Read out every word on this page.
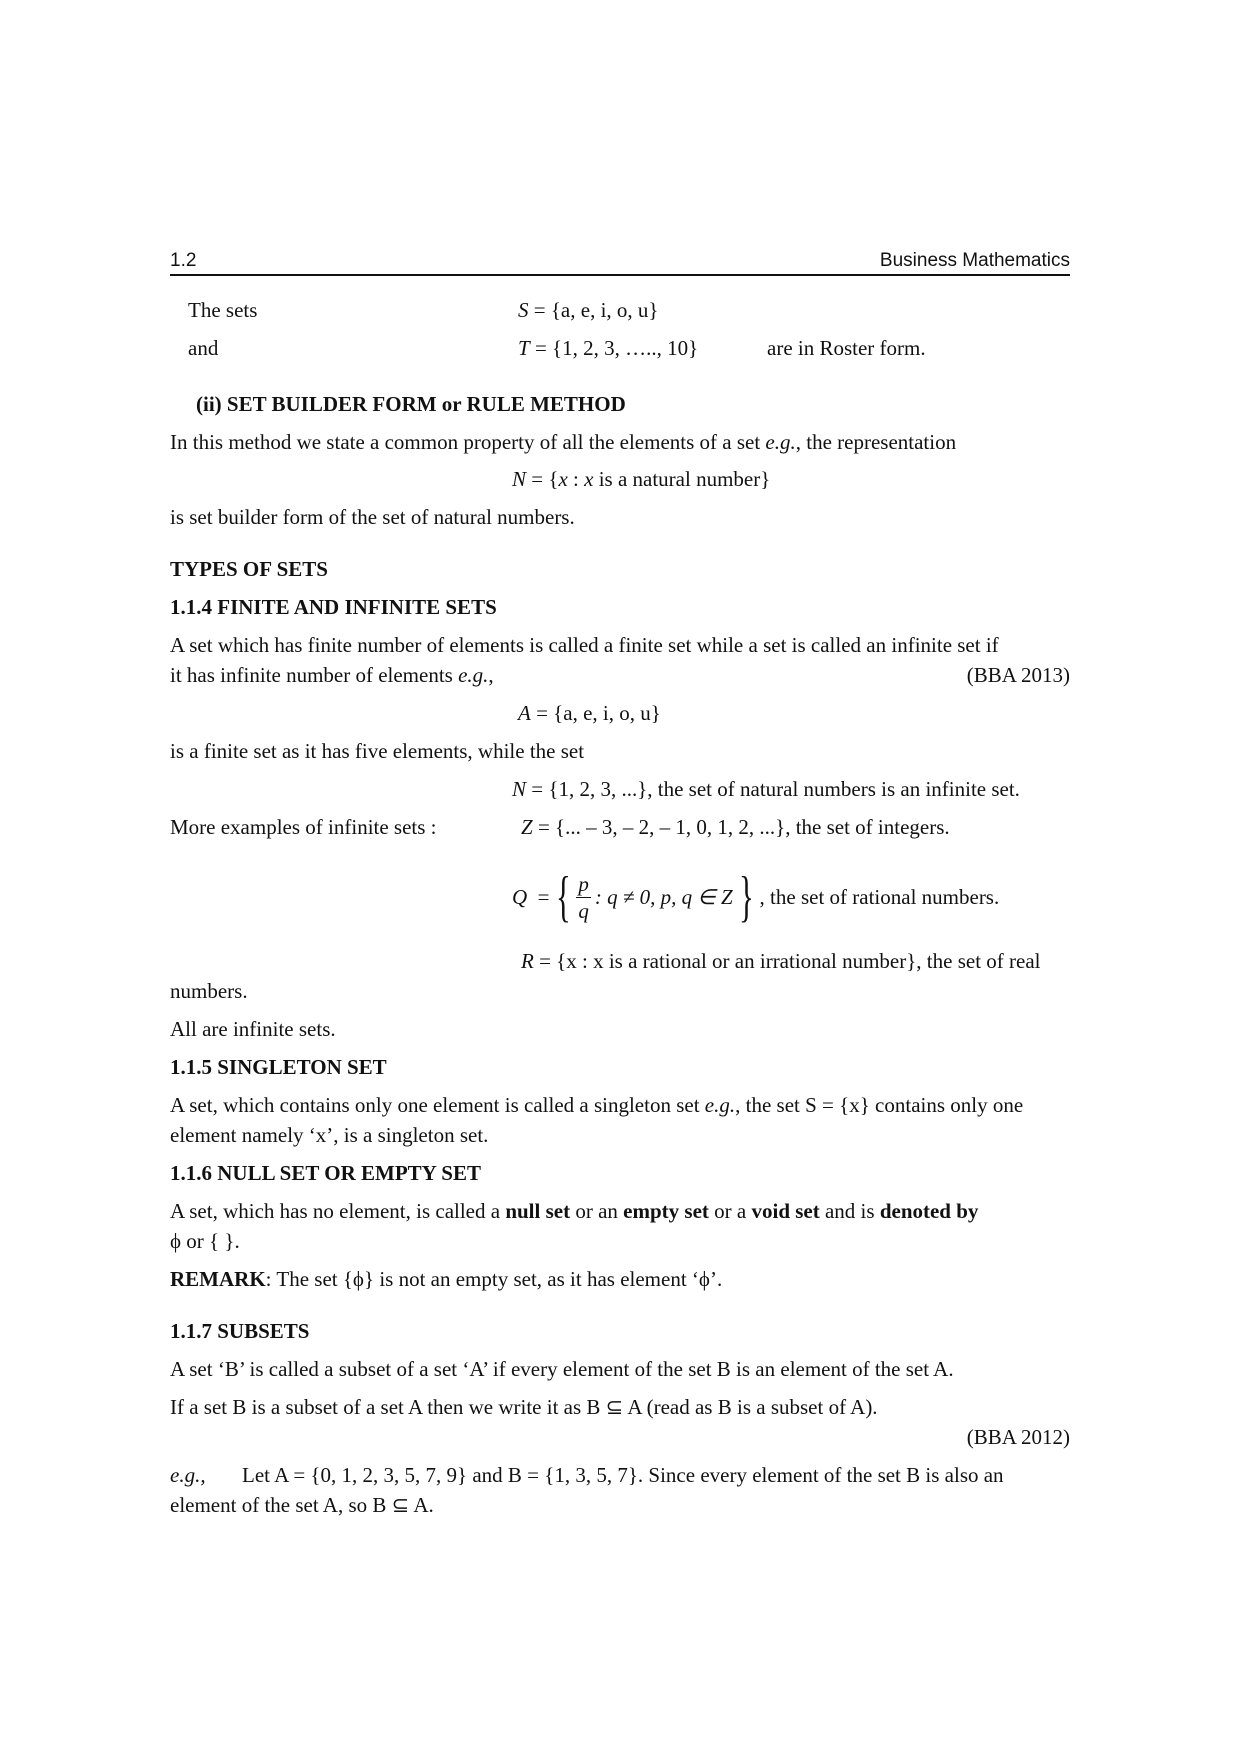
1.2	Business Mathematics
The sets	S = {a, e, i, o, u}
and	T = {1, 2, 3, ….., 10}	are in Roster form.
(ii) SET BUILDER FORM or RULE METHOD
In this method we state a common property of all the elements of a set e.g., the representation
N = {x : x is a natural number}
is set builder form of the set of natural numbers.
TYPES OF SETS
1.1.4 FINITE AND INFINITE SETS
A set which has finite number of elements is called a finite set while a set is called an infinite set if
it has infinite number of elements e.g.,	(BBA 2013)
A = {a, e, i, o, u}
is a finite set as it has five elements, while the set
N = {1, 2, 3, ...}, the set of natural numbers is an infinite set.
More examples of infinite sets :	Z = {... – 3, – 2, – 1, 0, 1, 2, ...}, the set of integers.
Q
= { $\frac{p}{q}$ : q ≠ 0, p, q ∈ Z } , the set of rational numbers.
R = {x : x is a rational or an irrational number}, the set of real
numbers.
All are infinite sets.
1.1.5 SINGLETON SET
A set, which contains only one element is called a singleton set e.g., the set S = {x} contains only one
element namely ‘x’, is a singleton set.
1.1.6 NULL SET OR EMPTY SET
A set, which has no element, is called a null set or an empty set or a void set and is denoted by
ϕ or { }.
REMARK: The set {ϕ} is not an empty set, as it has element ‘ϕ’.
1.1.7 SUBSETS
A set ‘B’ is called a subset of a set ‘A’ if every element of the set B is an element of the set A.
If a set B is a subset of a set A then we write it as B ⊆ A (read as B is a subset of A).
(BBA 2012)
e.g., Let A = {0, 1, 2, 3, 5, 7, 9} and B = {1, 3, 5, 7}. Since every element of the set B is also an
element of the set A, so B ⊆ A.
